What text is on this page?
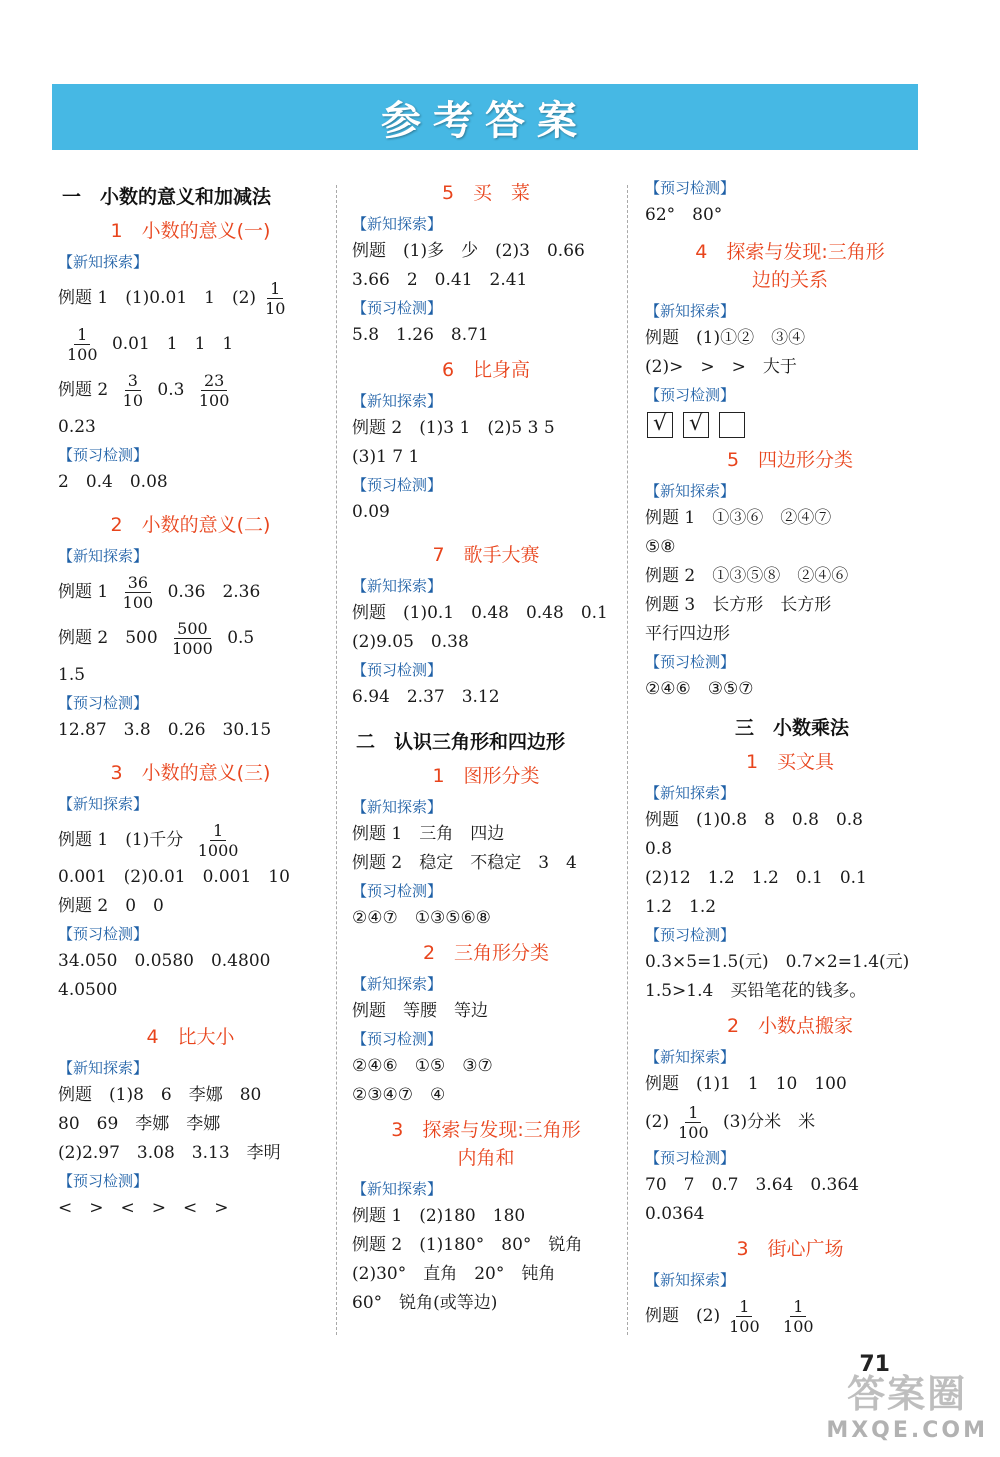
参考答案
一　小数的意义和加减法
1　小数的意义(一)
【新知探索】
例题 1　(1)0.01　1　$(2) \frac{1}{10}$
$\frac{1}{100} 0.01$　1　1　1
例题 $2 \frac{3}{10} 0.3 \frac{23}{100}$
0.23
【预习检测】
2　0.4　0.08
2　小数的意义(二)
【新知探索】
例题 $1 \frac{36}{100} 0.36$　2.36
例题 2　$500 \frac{500}{1000} 0.5$
1.5
【预习检测】
12.87　3.8　0.26　30.15
3　小数的意义(三)
【新知探索】
例题 1　(1)千分 $\frac{1}{1000}$
0.001　(2)0.01　0.001　10
例题 2　0　0
【预习检测】
34.050　0.0580　0.4800
4.0500
4　比大小
【新知探索】
例题　(1)8　6　李娜　80
80　69　李娜　李娜
(2)2.97　3.08　3.13　李明
【预习检测】
<　>　<　>　<　>
5　买　菜
【新知探索】
例题　(1)多　少　(2)3　0.66
3.66　2　0.41　2.41
【预习检测】
5.8　1.26　8.71
6　比身高
【新知探索】
例题 2　(1)3 1　(2)5 3 5
(3)1 7 1
【预习检测】
0.09
7　歌手大赛
【新知探索】
例题　(1)0.1　0.48　0.48　0.1
(2)9.05　0.38
【预习检测】
6.94　2.37　3.12
二　认识三角形和四边形
1　图形分类
【新知探索】
例题 1　三角　四边
例题 2　稳定　不稳定　3　4
【预习检测】
②④⑦　①③⑤⑥⑧
2　三角形分类
【新知探索】
例题　等腰　等边
【预习检测】
②④⑥　①⑤　③⑦
②③④⑦　④
3　探索与发现:三角形
内角和
【新知探索】
例题 1　(2)180　180
例题 2　(1)180°　80°　锐角
(2)30°　直角　20°　钝角
60°　锐角(或等边)
【预习检测】
62°　80°
4　探索与发现:三角形
边的关系
【新知探索】
例题　(1)①②　③④
(2)>　>　>　大于
【预习检测】
√ √
5　四边形分类
【新知探索】
例题 1　①③⑥　②④⑦
⑤⑧
例题 2　①③⑤⑧　②④⑥
例题 3　长方形　长方形
平行四边形
【预习检测】
②④⑥　③⑤⑦
三　小数乘法
1　买文具
【新知探索】
例题　(1)0.8　8　0.8　0.8
0.8
(2)12　1.2　1.2　0.1　0.1
1.2　1.2
【预习检测】
0.3×5=1.5(元)　0.7×2=1.4(元)
1.5>1.4　买铅笔花的钱多。
2　小数点搬家
【新知探索】
例题　(1)1　1　10　100
$(2) \frac{1}{100} (3)$分米　米
【预习检测】
70　7　0.7　3.64　0.364
0.0364
3　街心广场
【新知探索】
例题　$(2) \frac{1}{100}$
$\frac{1}{100}$
71
答案圈
MXQE.COM
